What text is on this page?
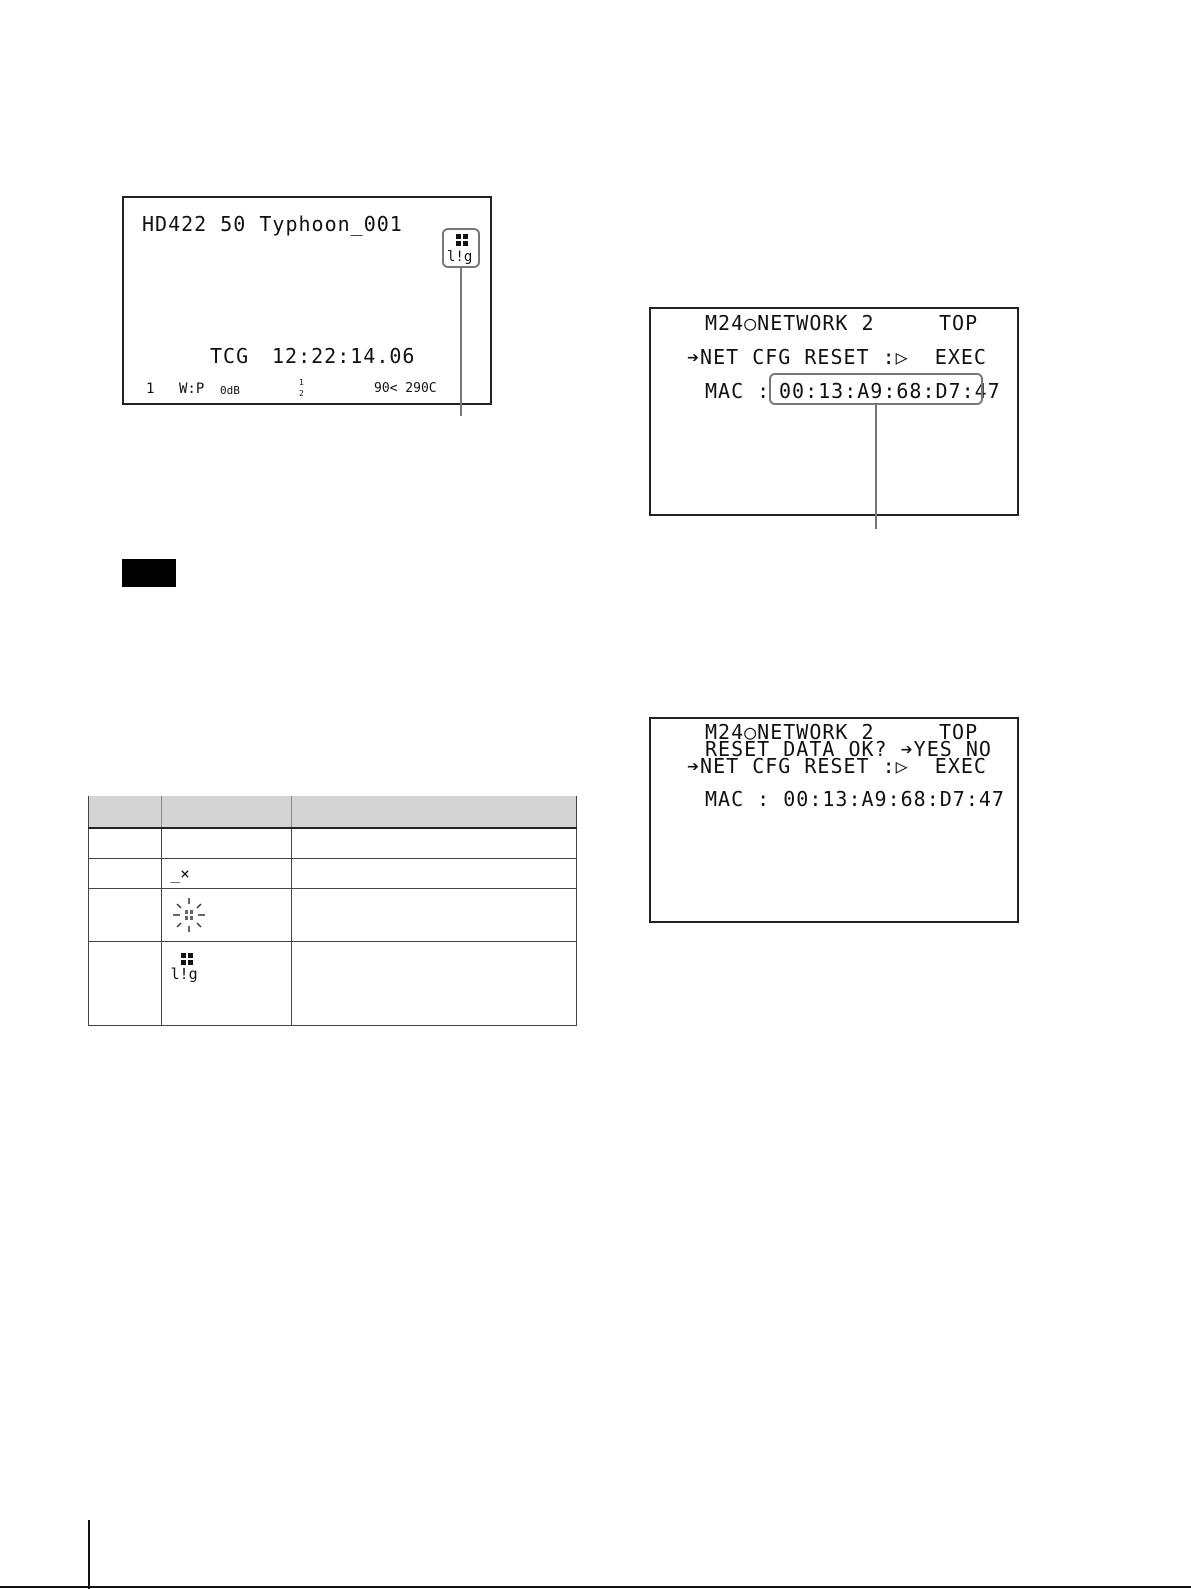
HD422 50 Typhoon_001
TCG 12:22:14.06
1 W:P 0dB
1
2	90< 290C
l!g

	_×	

	l!g	

M24○NETWORK 2	TOP
➔NET CFG RESET :▷  EXEC
MAC : 00:13:A9:68:D7:47
M24○NETWORK 2	TOP
RESET DATA OK? ➔YES NO
➔NET CFG RESET :▷  EXEC
MAC : 00:13:A9:68:D7:47
